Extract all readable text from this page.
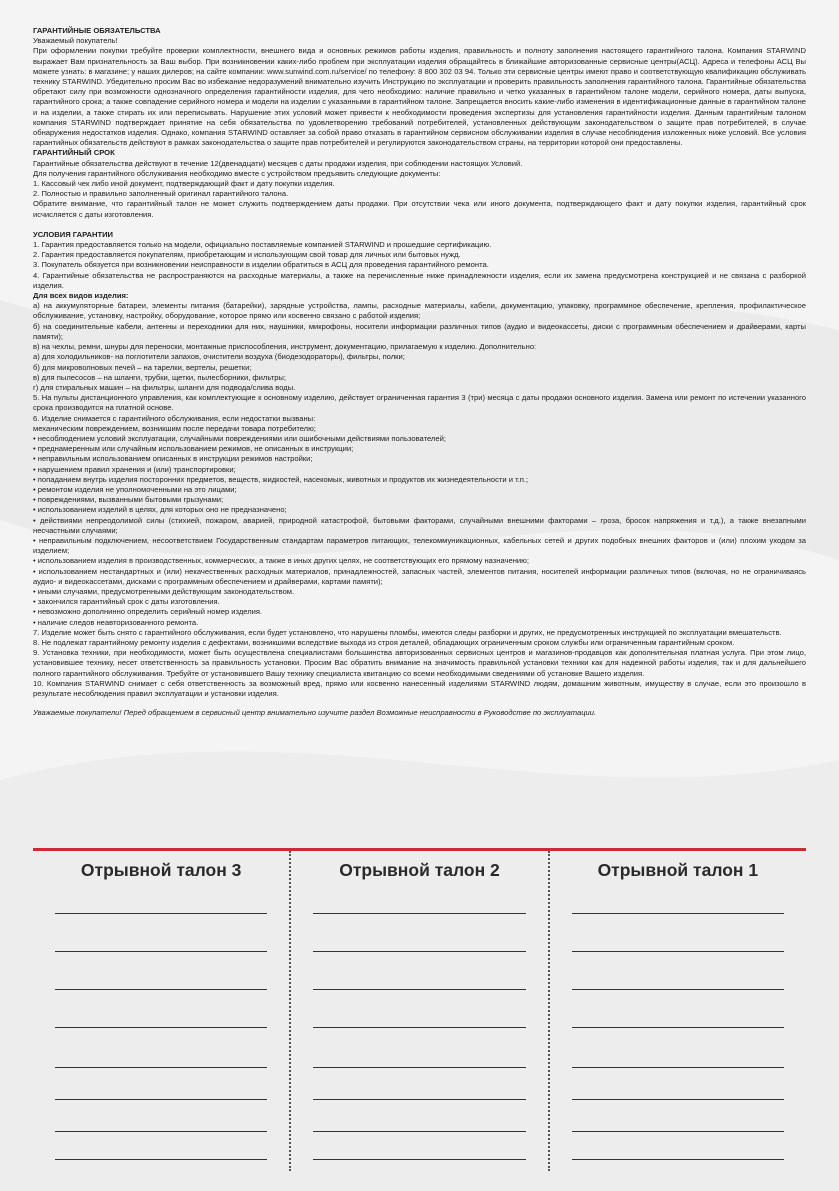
ГАРАНТИЙНЫЕ ОБЯЗАТЕЛЬСТВА

Уважаемый покупатель!

При оформлении покупки требуйте проверки комплектности, внешнего вида и основных режимов работы изделия, правильность и полноту заполнения настоящего гарантийного талона. Компания STARWIND выражает Вам признательность за Ваш выбор. При возникновении каких-либо проблем при эксплуатации изделия обращайтесь в ближайшие авторизованные сервисные центры(АСЦ). Адреса и телефоны АСЦ Вы можете узнать: в магазине; у наших дилеров; на сайте компании: www.sunwind.com.ru/service/ по телефону: 8 800 302 03 94. Только эти сервисные центры имеют право и соответствующую квалификацию обслуживать технику STARWIND. Убедительно просим Вас во избежание недоразумений внимательно изучить Инструкцию по эксплуатации и проверить правильность заполнения гарантийного талона. Гарантийные обязательства обретают силу при возможности однозначного определения гарантийности изделия, для чего необходимо: наличие правильно и четко указанных в гарантийном талоне модели, серийного номера, даты выпуска, гарантийного срока; а также совпадение серийного номера и модели на изделии с указанными в гарантийном талоне. Запрещается вносить какие-либо изменения в идентификационные данные в гарантийном талоне и на изделии, а также стирать их или переписывать. Нарушение этих условий может привести к необходимости проведения экспертизы для установления гарантийности изделия. Данным гарантийным талоном компания STARWIND подтверждает принятие на себя обязательства по удовлетворению требований потребителей, установленных действующим законодательством о защите прав потребителей, в случае обнаружения недостатков изделия. Однако, компания STARWIND оставляет за собой право отказать в гарантийном сервисном обслуживании изделия в случае несоблюдения изложенных ниже условий. Все условия гарантийных обязательств действуют в рамках законодательства о защите прав потребителей и регулируются законодательством страны, на территории которой они предоставлены.

ГАРАНТИЙНЫЙ СРОК

Гарантийные обязательства действуют в течение 12(двенадцати) месяцев с даты продажи изделия, при соблюдении настоящих Условий.

Для получения гарантийного обслуживания необходимо вместе с устройством предъявить следующие документы:

1. Кассовый чек либо иной документ, подтверждающий факт и дату покупки изделия.

2. Полностью и правильно заполненный оригинал гарантийного талона.

Обратите внимание, что гарантийный талон не может служить подтверждением даты продажи. При отсутствии чека или иного документа, подтверждающего факт и дату покупки изделия, гарантийный срок исчисляется с даты изготовления.

УСЛОВИЯ ГАРАНТИИ

1. Гарантия предоставляется только на модели, официально поставляемые компанией STARWIND и прошедшие сертификацию.

2. Гарантия предоставляется покупателям, приобретающим и использующим свой товар для личных или бытовых нужд.

3. Покупатель обязуется при возникновении неисправности в изделии обратиться в АСЦ для проведения гарантийного ремонта.

4. Гарантийные обязательства не распространяются на расходные материалы, а также на перечисленные ниже принадлежности изделия, если их замена предусмотрена конструкцией и не связана с разборкой изделия.

Для всех видов изделия:

а) на аккумуляторные батареи, элементы питания (батарейки), зарядные устройства, лампы, расходные материалы, кабели, документацию, упаковку, программное обеспечение, крепления, профилактическое обслуживание, установку, настройку, оборудование, которое прямо или косвенно связано с работой изделия;

б) на соединительные кабели, антенны и переходники для них, наушники, микрофоны, носители информации различных типов (аудио и видеокассеты, диски с программным обеспечением и драйверами, карты памяти);

в) на чехлы, ремни, шнуры для переноски, монтажные приспособления, инструмент, документацию, прилагаемую к изделию. Дополнительно:

а) для холодильников- на поглотители запахов, очистители воздуха (биодезодораторы), фильтры, полки;

б) для микроволновых печей – на тарелки, вертелы, решетки;

в) для пылесосов – на шланги, трубки, щетки, пылесборники, фильтры;

г) для стиральных машин – на фильтры, шланги для подвода/слива воды.

5. На пульты дистанционного управления, как комплектующие к основному изделию, действует ограниченная гарантия 3 (три) месяца с даты продажи основного изделия. Замена или ремонт по истечении указанного срока производится на платной основе.

6. Изделие снимается с гарантийного обслуживания, если недостатки вызваны:

механическим повреждением, возникшим после передачи товара потребителю;

• несоблюдением условий эксплуатации, случайными повреждениями или ошибочными действиями пользователей;

• преднамеренным или случайным использованием режимов, не описанных в инструкции;

• неправильным использованием описанных в инструкции режимов настройки;

• нарушением правил хранения и (или) транспортировки;

• попаданием внутрь изделия посторонних предметов, веществ, жидкостей, насекомых, животных и продуктов их жизнедеятельности и т.п.;

• ремонтом изделия не уполномоченными на это лицами;

• повреждениями, вызванными бытовыми грызунами;

• использованием изделий в целях, для которых оно не предназначено;

• действиями непреодолимой силы (стихией, пожаром, аварией, природной катастрофой, бытовыми факторами, случайными внешними факторами – гроза, бросок напряжения и т.д.), а также внезапными несчастными случаями;

• неправильным подключением, несоответствием Государственным стандартам параметров питающих, телекоммуникационных, кабельных сетей и других подобных внешних факторов и (или) плохим уходом за изделием;

• использованием изделия в производственных, коммерческих, а также в иных других целях, не соответствующих его прямому назначению;

• использованием нестандартных и (или) некачественных расходных материалов, принадлежностей, запасных частей, элементов питания, носителей информации различных типов (включая, но не ограничиваясь аудио- и видеокассетами, дисками с программным обеспечением и драйверами, картами памяти);

• иными случаями, предусмотренными действующим законодательством.

• закончился гарантийный срок с даты изготовления.

• невозможно дополнинно определить серийный номер изделия.

• наличие следов неавторизованного ремонта.

7. Изделие может быть снято с гарантийного обслуживания, если будет установлено, что нарушены пломбы, имеются следы разборки и других, не предусмотренных инструкцией по эксплуатации вмешательств.

8. Не подлежат гарантийному ремонту изделия с дефектами, возникшими вследствие выхода из строя деталей, обладающих ограниченным сроком службы или ограниченным гарантийным сроком.

9. Установка техники, при необходимости, может быть осуществлена специалистами большинства авторизованных сервисных центров и магазинов-продавцов как дополнительная платная услуга. При этом лицо, установившее технику, несет ответственность за правильность установки. Просим Вас обратить внимание на значимость правильной установки техники как для надежной работы изделия, так и для дальнейшего полного гарантийного обслуживания. Требуйте от установившего Вашу технику специалиста квитанцию со всеми необходимыми сведениями об установке Вашего изделия.

10. Компания STARWIND снимает с себя ответственность за возможный вред, прямо или косвенно нанесенный изделиями STARWIND людям, домашним животным, имуществу в случае, если это произошло в результате несоблюдения правил эксплуатации и установки изделия.

Уважаемые покупатели! Перед обращением в сервисный центр внимательно изучите раздел Возможные неисправности в Руководстве по эксплуатации.

Отрывной талон 3	Отрывной талон 2	Отрывной талон 1
